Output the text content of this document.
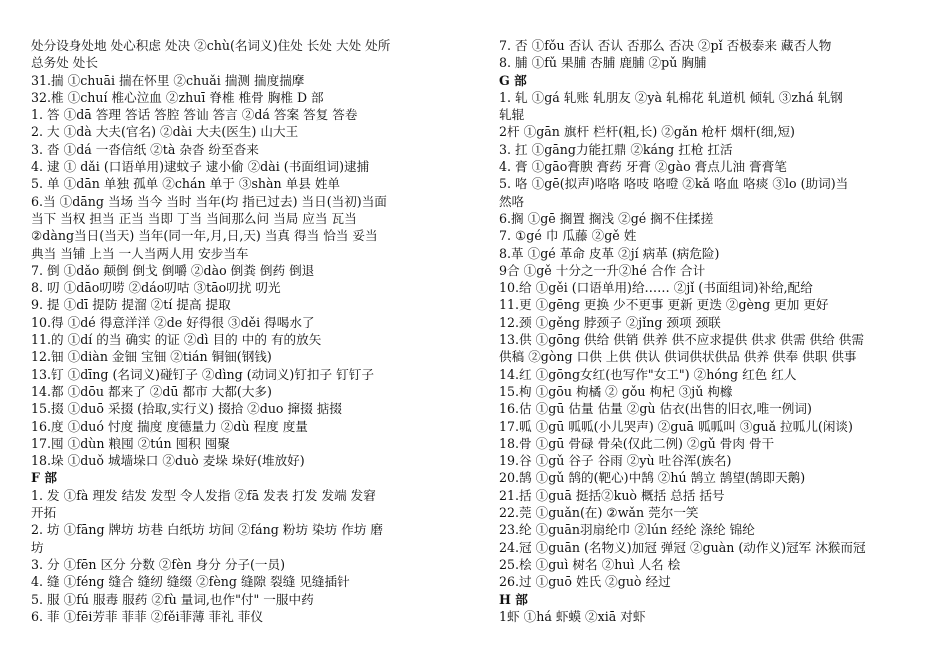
处分设身处地 处心积虑 处决 ②chù(名词义)住处 长处 大处 处所
总务处 处长
31.揣 ①chuāi 揣在怀里 ②chuǎi 揣测 揣度揣摩
32.椎 ①chuí 椎心泣血 ②zhuī 脊椎 椎骨 胸椎 D 部
1. 答 ①dā 答理 答话 答腔 答讪 答言 ②dá 答案 答复 答卷
2. 大 ①dà 大夫(官名) ②dài 大夫(医生) 山大王
3. 沓 ①dá 一沓信纸 ②tà 杂沓 纷至沓来
4. 逮 ① dǎi (口语单用)逮蚊子 逮小偷 ②dài (书面组词)逮捕
5. 单 ①dān 单独 孤单 ②chán 单于 ③shàn 单县 姓单
6.当 ①dāng 当场 当今 当时 当年(均 指已过去) 当日(当初)当面
当下 当权 担当 正当 当即 丁当 当间那么问 当局 应当 瓦当
②dàng当日(当天) 当年(同一年,月,日,天) 当真 得当 恰当 妥当
典当 当铺 上当 一人当两人用 安步当车
7. 倒 ①dǎo 颠倒 倒戈 倒嚼 ②dào 倒粪 倒药 倒退
8. 叨 ①dāo叨唠 ②dáo叨咕 ③tāo叨扰 叨光
9. 提 ①dī 提防 提溜 ②tí 提高 提取
10.得 ①dé 得意洋洋 ②de 好得很 ③děi 得喝水了
11.的 ①dí 的当 确实 的证 ②dì 目的 中的 有的放矢
12.钿 ①diàn 金钿 宝钿 ②tián 铜钿(钢钱)
13.钉 ①dīng (名词义)碰钉子 ②dìng (动词义)钉扣子 钉钉子
14.都 ①dōu 都来了 ②dū 都市 大都(大多)
15.掇 ①duō 采掇 (拾取,实行义) 掇拾 ②duo 撺掇 掂掇
16.度 ①duó 忖度 揣度 度德量力 ②dù 程度 度量
17.囤 ①dùn 粮囤 ②tún 囤积 囤聚
18.垛 ①duǒ 城墙垛口 ②duò 麦垛 垛好(堆放好)
F 部
1. 发 ①fà 理发 结发 发型 令人发指 ②fā 发表 打发 发端 发窘
开拓
2. 坊 ①fāng 牌坊 坊巷 白纸坊 坊间 ②fáng 粉坊 染坊 作坊 磨
坊
3. 分 ①fēn 区分 分数 ②fèn 身分 分子(一员)
4. 缝 ①féng 缝合 缝纫 缝缀 ②fèng 缝隙 裂缝 见缝插针
5. 服 ①fú 服毒 服药 ②fù 量词,也作"付" 一服中药
6. 菲 ①fēi芳菲 菲菲 ②fěi菲薄 菲礼 菲仪
7. 否 ①fǒu 否认 否认 否那么 否决 ②pǐ 否极泰来 藏否人物
8. 脯 ①fǔ 果脯 杏脯 鹿脯 ②pǔ 胸脯
G 部
1. 轧 ①gá 轧账 轧朋友 ②yà 轧棉花 轧道机 倾轧 ③zhá 轧钢
轧辊
2杆 ①gān 旗杆 栏杆(粗,长) ②gǎn 枪杆 烟杆(细,短)
3. 扛 ①gāng力能扛鼎 ②káng 扛枪 扛活
4. 膏 ①gāo膏腴 膏药 牙膏 ②gào 膏点儿油 膏膏笔
5. 咯 ①gē(拟声)咯咯 咯吱 咯噔 ②kǎ 咯血 咯痰 ③lo (助词)当
然咯
6.搁 ①gē 搁置 搁浅 ②gé 搁不住揉搓
7. ①gé 巾 瓜藤 ②gě 姓
8.革 ①gé 革命 皮革 ②jí 病革 (病危险)
9合 ①gě 十分之一升②hé 合作 合计
10.给 ①gěi (口语单用)给…… ②jǐ (书面组词)补给,配给
11.更 ①gēng 更换 少不更事 更新 更迭 ②gèng 更加 更好
12.颈 ①gěng 脖颈子 ②jǐng 颈项 颈联
13.供 ①gōng 供给 供销 供养 供不应求提供 供求 供需 供给 供需
供稿 ②gòng 口供 上供 供认 供词供状供品 供养 供奉 供职 供事
14.红 ①gōng女红(也写作"女工") ②hóng 红色 红人
15.枸 ①gōu 枸橘 ② gǒu 枸杞 ③jǔ 枸橼
16.估 ①gū 估量 估量 ②gù 估衣(出售的旧衣,唯一例词)
17.呱 ①gū 呱呱(小儿哭声) ②guā 呱呱叫 ③guǎ 拉呱儿(闲谈)
18.骨 ①gū 骨碌 骨朵(仅此二例) ②gǔ 骨肉 骨干
19.谷 ①gǔ 谷子 谷雨 ②yù 吐谷浑(族名)
20.鹄 ①gǔ 鹄的(靶心)中鹄 ②hú 鹄立 鹄望(鹄即天鹅)
21.括 ①guā 挺括②kuò 概括 总括 括号
22.莞 ①guǎn(在) ②wǎn 莞尔一笑
23.纶 ①guān羽扇纶巾 ②lún 经纶 涤纶 锦纶
24.冠 ①guān (名物义)加冠 弹冠 ②guàn (动作义)冠军 沐猴而冠
25.桧 ①guì 树名 ②huì 人名 桧
26.过 ①guō 姓氏 ②guò 经过
H 部
1虾 ①há 虾蟆 ②xiā 对虾
